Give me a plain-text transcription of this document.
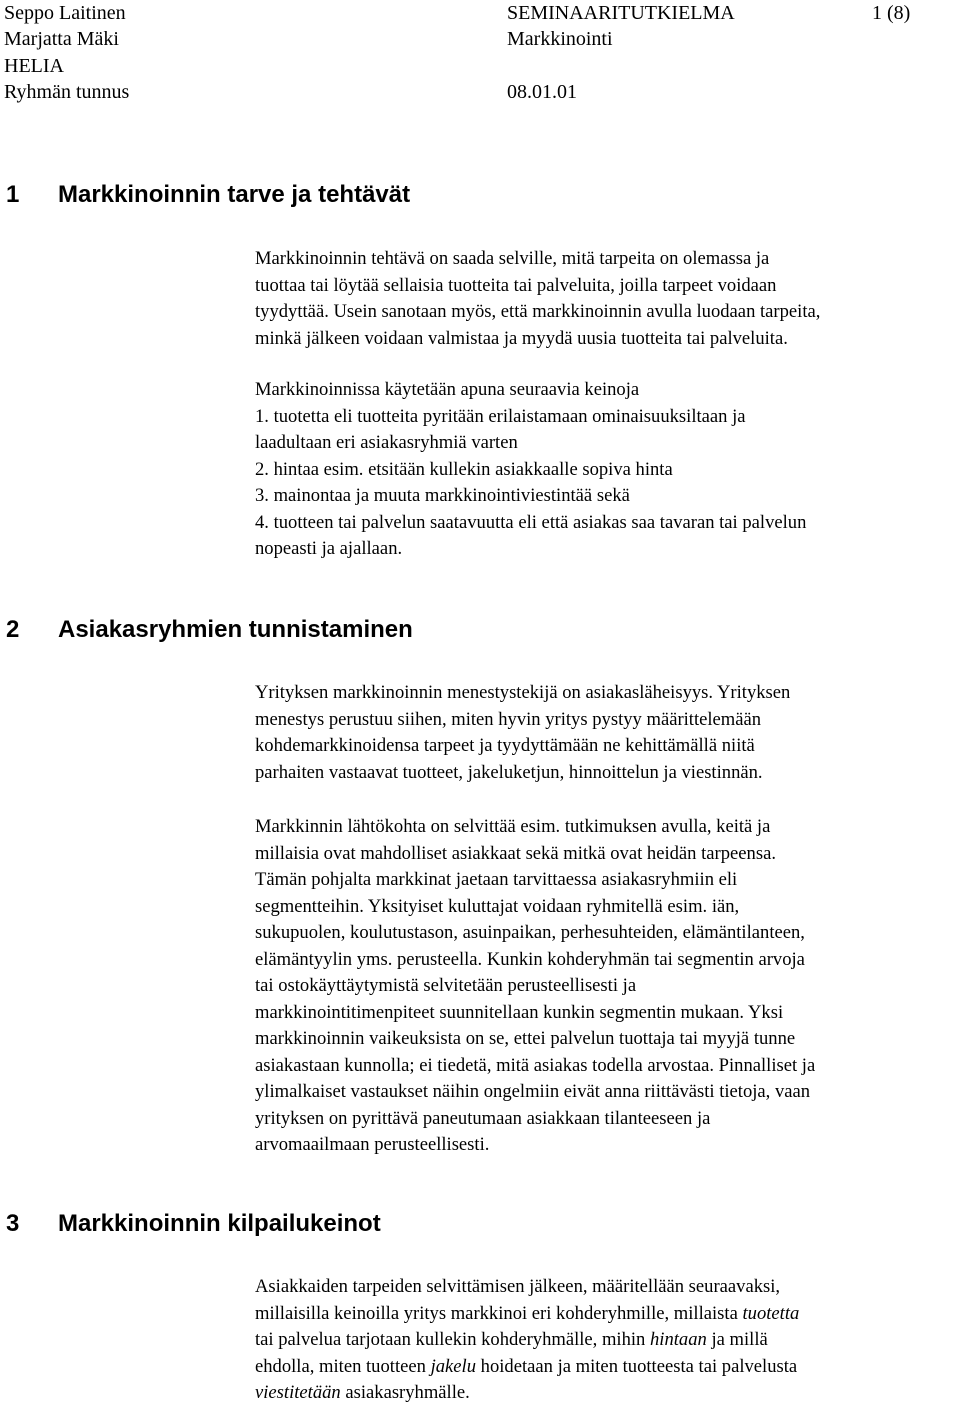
Seppo Laitinen
Marjatta Mäki
HELIA
Ryhmän tunnus
SEMINAARITUTKIELMA
Markkinointi
08.01.01
1 (8)
1 Markkinoinnin tarve ja tehtävät
Markkinoinnin tehtävä on saada selville, mitä tarpeita on olemassa ja
tuottaa tai löytää sellaisia tuotteita tai palveluita, joilla tarpeet voidaan
tyydyttää. Usein sanotaan myös, että markkinoinnin avulla luodaan tarpeita,
minkä jälkeen voidaan valmistaa ja myydä uusia tuotteita tai palveluita.
Markkinoinnissa käytetään apuna seuraavia keinoja
1. tuotetta eli tuotteita pyritään erilaistamaan ominaisuuksiltaan ja
laadultaan eri asiakasryhmiä varten
2. hintaa esim. etsitään kullekin asiakkaalle sopiva hinta
3. mainontaa ja muuta markkinointiviestintää sekä
4. tuotteen tai palvelun saatavuutta eli että asiakas saa tavaran tai palvelun
nopeasti ja ajallaan.
2 Asiakasryhmien tunnistaminen
Yrityksen markkinoinnin menestystekijä on asiakasläheisyys. Yrityksen
menestys perustuu siihen, miten hyvin yritys pystyy määrittelemään
kohdemarkkinoidensa tarpeet ja tyydyttämään ne kehittämällä niitä
parhaiten vastaavat tuotteet, jakeluketjun, hinnoittelun ja viestinnän.
Markkinnin lähtökohta on selvittää esim. tutkimuksen avulla, keitä ja
millaisia ovat mahdolliset asiakkaat sekä mitkä ovat heidän tarpeensa.
Tämän pohjalta markkinat jaetaan tarvittaessa asiakasryhmiin eli
segmentteihin. Yksityiset kuluttajat voidaan ryhmitellä esim. iän,
sukupuolen, koulutustason, asuinpaikan, perhesuhteiden, elämäntilanteen,
elämäntyylin yms. perusteella. Kunkin kohderyhmän tai segmentin arvoja
tai ostokäyttäytymistä selvitetään perusteellisesti ja
markkinointitimenpiteet suunnitellaan kunkin segmentin mukaan. Yksi
markkinoinnin vaikeuksista on se, ettei palvelun tuottaja tai myyjä tunne
asiakastaan kunnolla; ei tiedetä, mitä asiakas todella arvostaa. Pinnalliset ja
ylimalkaiset vastaukset näihin ongelmiin eivät anna riittävästi tietoja, vaan
yrityksen on pyrittävä paneutumaan asiakkaan tilanteeseen ja
arvomaailmaan perusteellisesti.
3 Markkinoinnin kilpailukeinot
Asiakkaiden tarpeiden selvittämisen jälkeen, määritellään seuraavaksi,
millaisilla keinoilla yritys markkinoi eri kohderyhmille, millaista tuotetta
tai palvelua tarjotaan kullekin kohderyhmälle, mihin hintaan ja millä
ehdolla, miten tuotteen jakelu hoidetaan ja miten tuotteesta tai palvelusta
viestitetään asiakasryhmälle.
